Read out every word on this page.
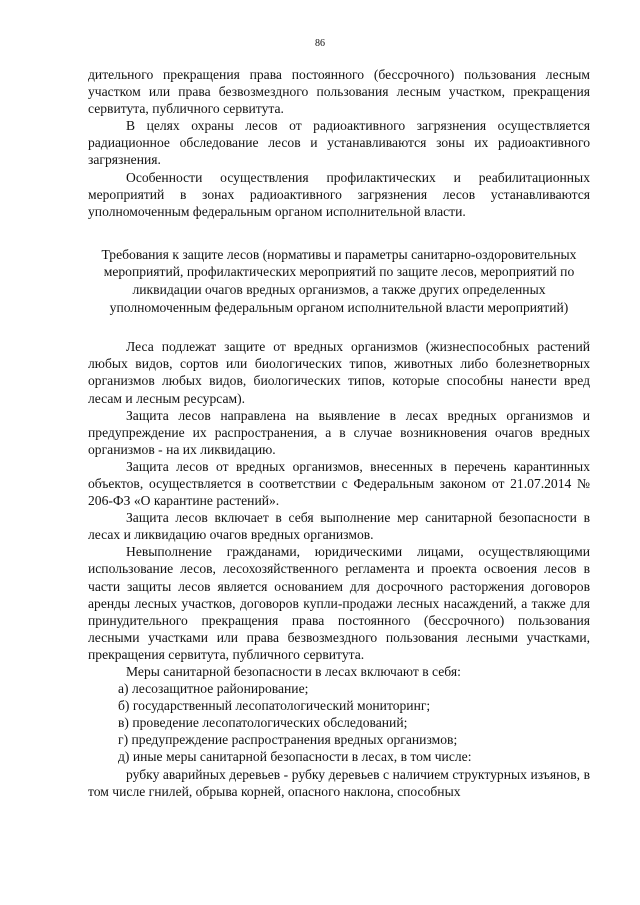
86

дительного прекращения права постоянного (бессрочного) пользования лесным участком или права безвозмездного пользования лесным участком, прекращения сервитута, публичного сервитута.

В целях охраны лесов от радиоактивного загрязнения осуществляется радиационное обследование лесов и устанавливаются зоны их радиоактивного загрязнения.

Особенности осуществления профилактических и реабилитационных мероприятий в зонах радиоактивного загрязнения лесов устанавливаются уполномоченным федеральным органом исполнительной власти.

Требования к защите лесов (нормативы и параметры санитарно-оздоровительных мероприятий, профилактических мероприятий по защите лесов, мероприятий по ликвидации очагов вредных организмов, а также других определенных уполномоченным федеральным органом исполнительной власти мероприятий)

Леса подлежат защите от вредных организмов (жизнеспособных растений любых видов, сортов или биологических типов, животных либо болезнетворных организмов любых видов, биологических типов, которые способны нанести вред лесам и лесным ресурсам).

Защита лесов направлена на выявление в лесах вредных организмов и предупреждение их распространения, а в случае возникновения очагов вредных организмов - на их ликвидацию.

Защита лесов от вредных организмов, внесенных в перечень карантинных объектов, осуществляется в соответствии с Федеральным законом от 21.07.2014 № 206-ФЗ «О карантине растений».

Защита лесов включает в себя выполнение мер санитарной безопасности в лесах и ликвидацию очагов вредных организмов.

Невыполнение гражданами, юридическими лицами, осуществляющими использование лесов, лесохозяйственного регламента и проекта освоения лесов в части защиты лесов является основанием для досрочного расторжения договоров аренды лесных участков, договоров купли-продажи лесных насаждений, а также для принудительного прекращения права постоянного (бессрочного) пользования лесными участками или права безвозмездного пользования лесными участками, прекращения сервитута, публичного сервитута.

Меры санитарной безопасности в лесах включают в себя:

а) лесозащитное районирование;

б) государственный лесопатологический мониторинг;

в) проведение лесопатологических обследований;

г) предупреждение распространения вредных организмов;

д) иные меры санитарной безопасности в лесах, в том числе:

рубку аварийных деревьев - рубку деревьев с наличием структурных изъянов, в том числе гнилей, обрыва корней, опасного наклона, способных
